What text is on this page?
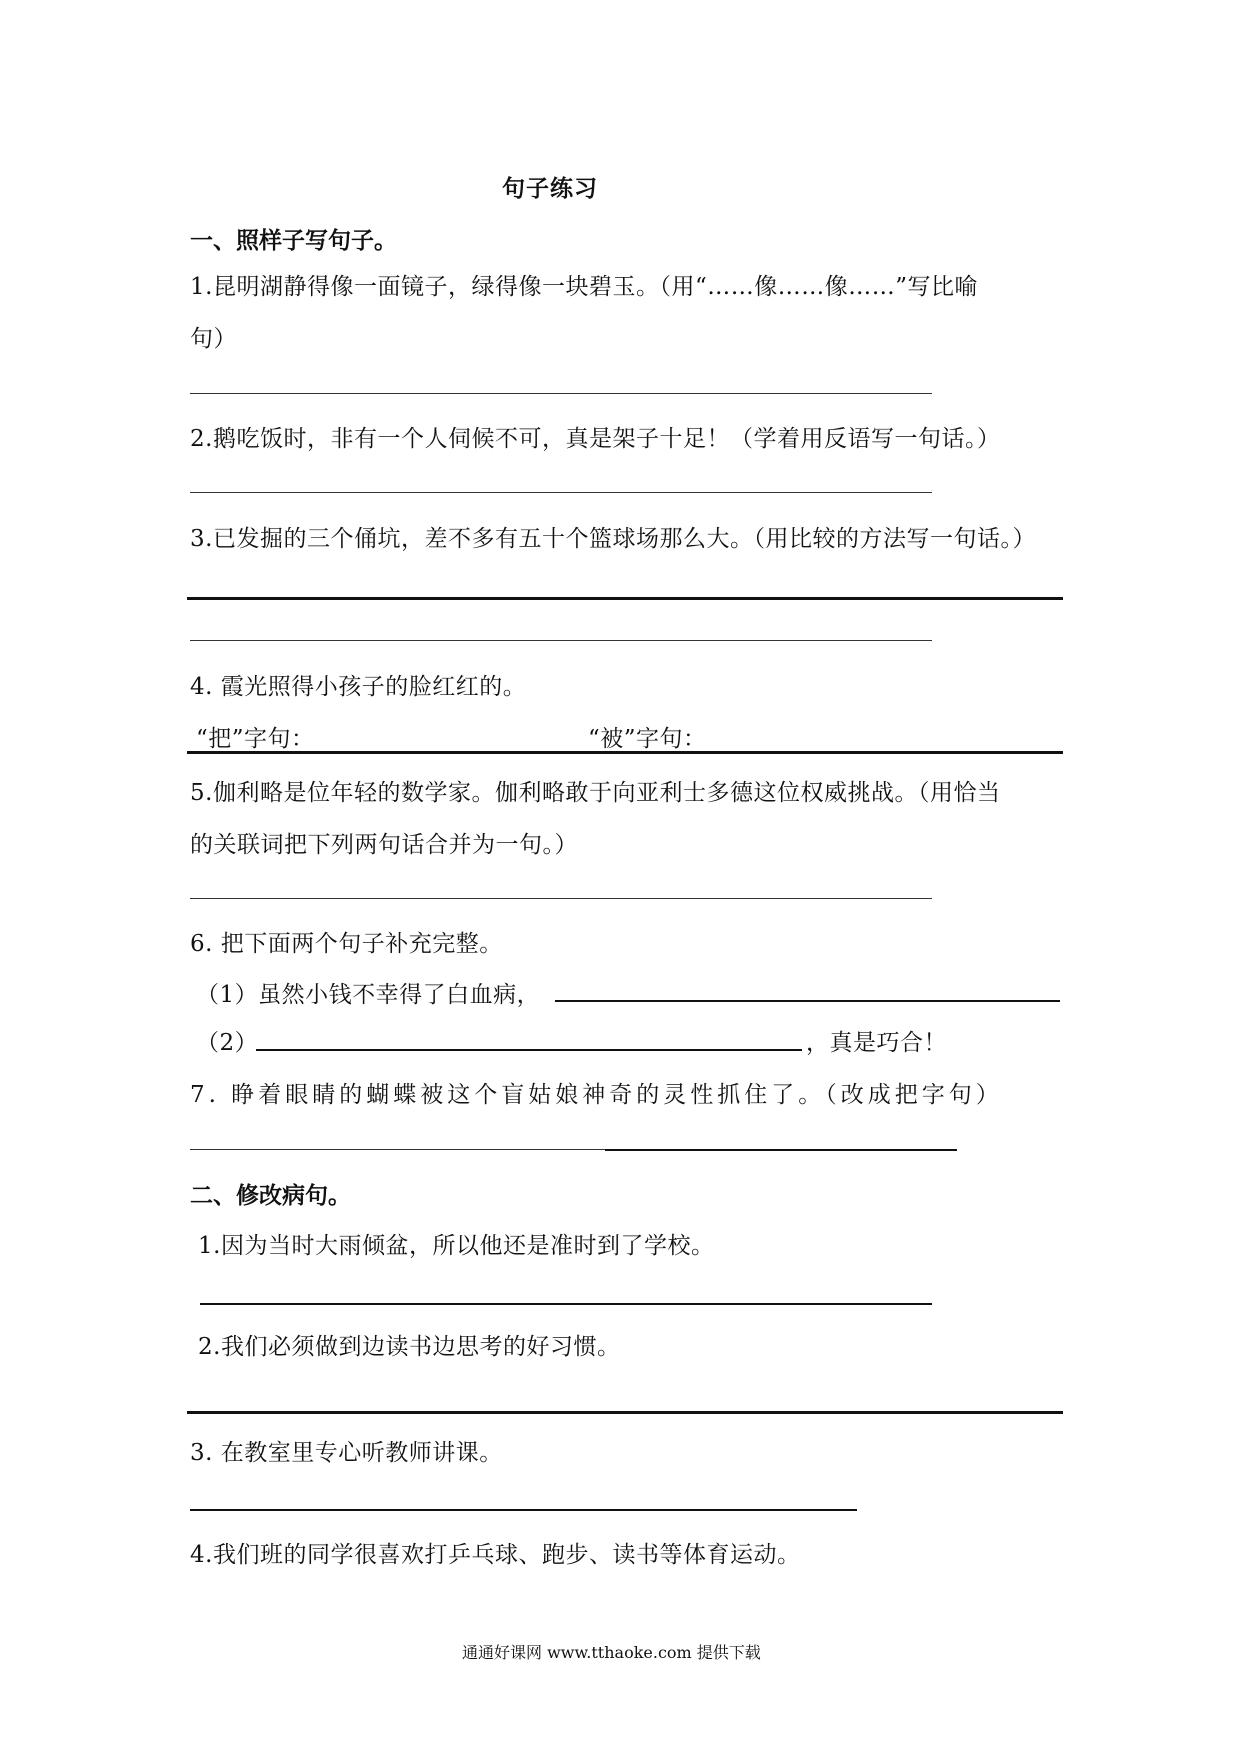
句子练习
一、照样子写句子。
1.昆明湖静得像一面镜子，绿得像一块碧玉。（用“……像……像……”写比喻
句）
2.鹅吃饭时，非有一个人伺候不可，真是架子十足！（学着用反语写一句话。）
3.已发掘的三个俑坑，差不多有五十个篮球场那么大。（用比较的方法写一句话。）
4. 霞光照得小孩子的脸红红的。
“把”字句：	“被”字句：
5.伽利略是位年轻的数学家。伽利略敢于向亚利士多德这位权威挑战。（用恰当
的关联词把下列两句话合并为一句。）
6. 把下面两个句子补充完整。
（1）虽然小钱不幸得了白血病，
（2）	，真是巧合！
7. 睁着眼睛的蝴蝶被这个盲姑娘神奇的灵性抓住了。（改成把字句）
二、修改病句。
1.因为当时大雨倾盆，所以他还是准时到了学校。
2.我们必须做到边读书边思考的好习惯。
3. 在教室里专心听教师讲课。
4.我们班的同学很喜欢打乒乓球、跑步、读书等体育运动。
通通好课网 www.tthaoke.com 提供下载
